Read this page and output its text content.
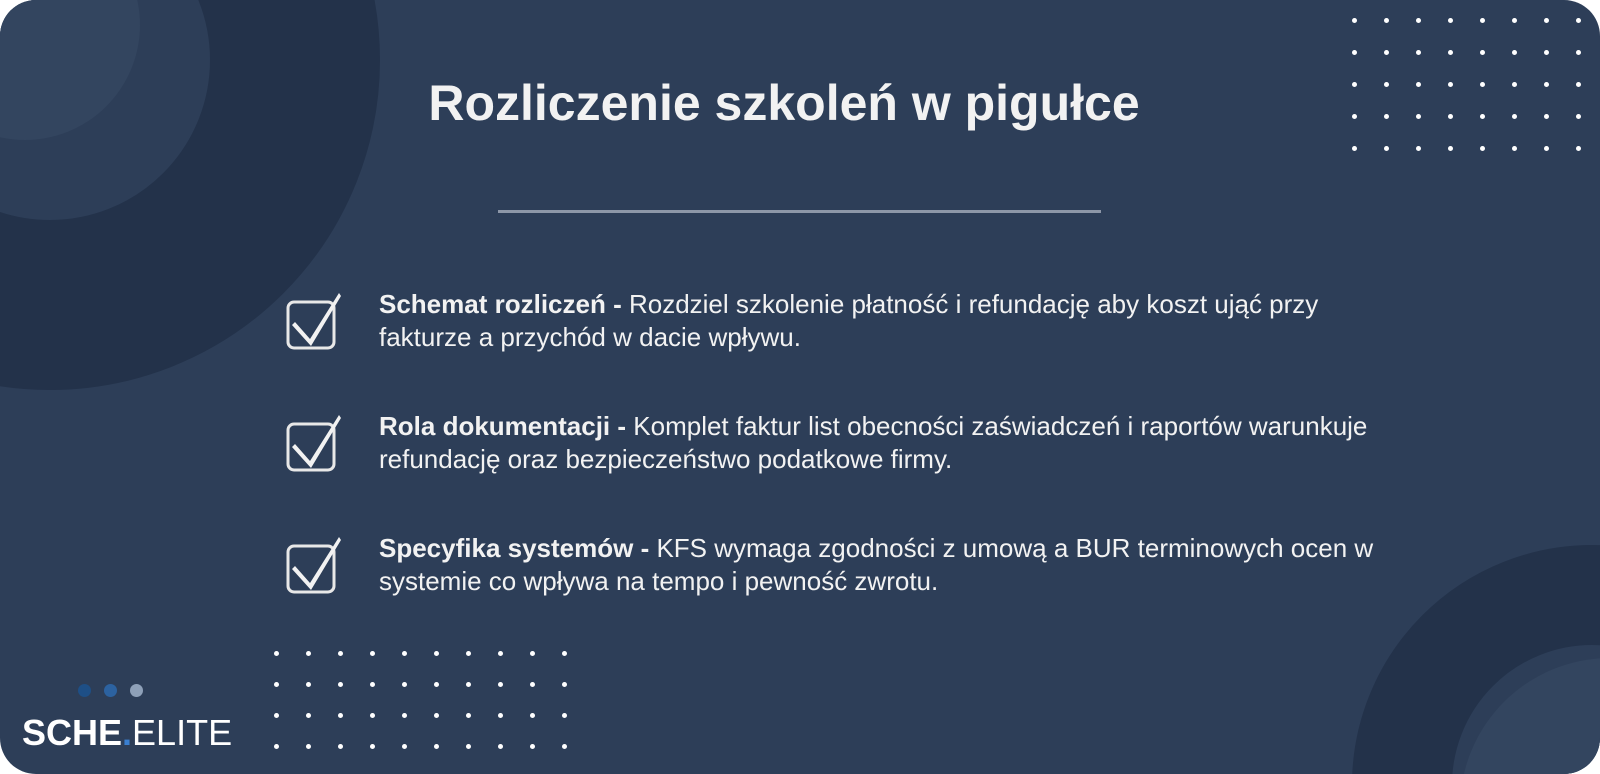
Rozliczenie szkoleń w pigułce
Schemat rozliczeń - Rozdziel szkolenie płatność i refundację aby koszt ująć przy fakturze a przychód w dacie wpływu.
Rola dokumentacji - Komplet faktur list obecności zaświadczeń i raportów warunkuje refundację oraz bezpieczeństwo podatkowe firmy.
Specyfika systemów - KFS wymaga zgodności z umową a BUR terminowych ocen w systemie co wpływa na tempo i pewność zwrotu.
SCHE.ELITE
